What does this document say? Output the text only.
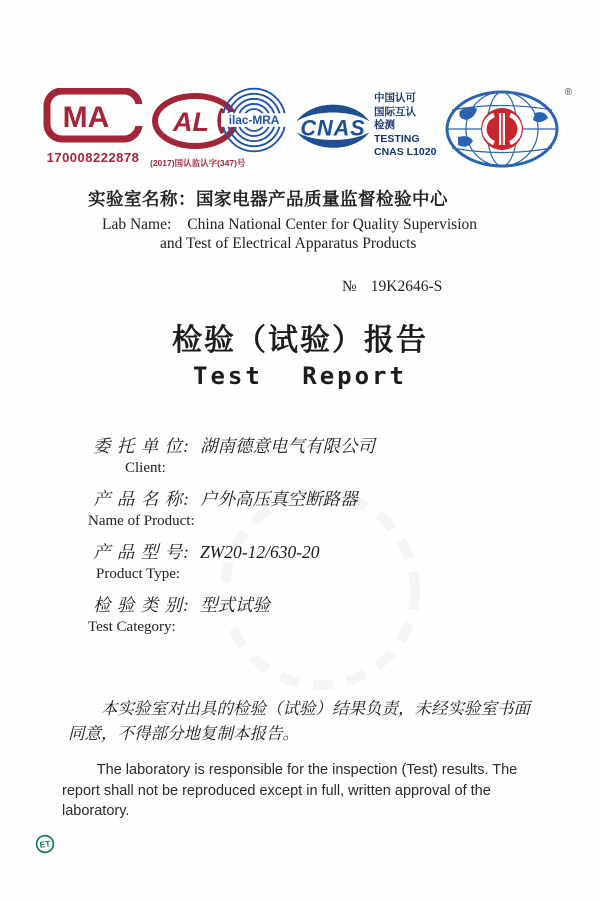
MA
170008222878
AL
(2017)国认监认字(347)号
ilac-MRA CNAS
中国认可
国际互认
检测
TESTING
CNAS L1020
®
实验室名称：国家电器产品质量监督检验中心
Lab Name: China National Center for Quality Supervision
and Test of Electrical Apparatus Products
№ 19K2646-S
检验（试验）报告
Test Report
委 托 单 位: 湖南德意电气有限公司
Client:
产 品 名 称: 户外高压真空断路器
Name of Product:
产 品 型 号: ZW20-12/630-20
Product Type:
检 验 类 别: 型式试验
Test Category:
本实验室对出具的检验（试验）结果负责，未经实验室书面同意，不得部分地复制本报告。
The laboratory is responsible for the inspection (Test) results. The report shall not be reproduced except in full, written approval of the laboratory.
ET
